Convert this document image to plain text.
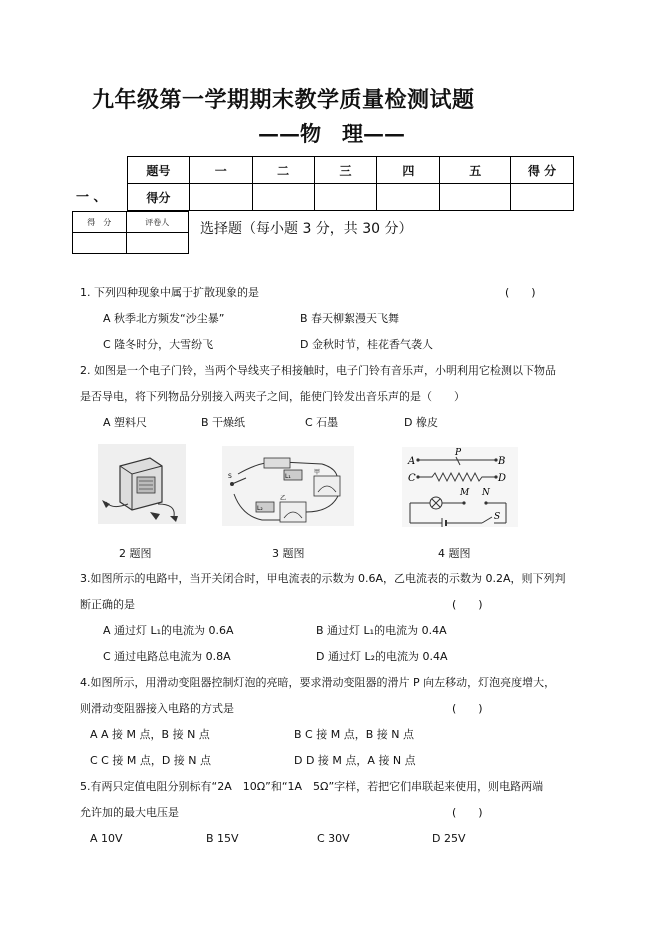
九年级第一学期期末教学质量检测试题
——物　理——
题号	一	二	三	四	五	得 分
得分						
一 、
得　分	评卷人
	选择题（每小题 3 分，共 30 分）
1. 下列四种现象中属于扩散现象的是	(　　)
A 秋季北方频发“沙尘暴”	B 春天柳絮漫天飞舞
C 隆冬时分，大雪纷飞	D 金秋时节，桂花香气袭人
2. 如图是一个电子门铃，当两个导线夹子相接触时，电子门铃有音乐声，小明利用它检测以下物品
是否导电，将下列物品分别接入两夹子之间，能使门铃发出音乐声的是（　　）
A 塑料尺	B 干燥纸	C 石墨	D 橡皮
L₁
甲
乙
L₂
S
A	B
C	D
P
M N
S
2 题图	3 题图	4 题图
3.如图所示的电路中，当开关闭合时，甲电流表的示数为 0.6A，乙电流表的示数为 0.2A，则下列判
断正确的是	(　　)
A 通过灯 L₁的电流为 0.6A	B 通过灯 L₁的电流为 0.4A
C 通过电路总电流为 0.8A	D 通过灯 L₂的电流为 0.4A
4.如图所示，用滑动变阻器控制灯泡的亮暗，要求滑动变阻器的滑片 P 向左移动，灯泡亮度增大，
则滑动变阻器接入电路的方式是	(　　)
A A 接 M 点，B 接 N 点	B C 接 M 点，B 接 N 点
C C 接 M 点，D 接 N 点	D D 接 M 点，A 接 N 点
5.有两只定值电阻分别标有“2A　10Ω”和“1A　5Ω”字样，若把它们串联起来使用，则电路两端
允许加的最大电压是	(　　)
A 10V	B 15V	C 30V	D 25V
